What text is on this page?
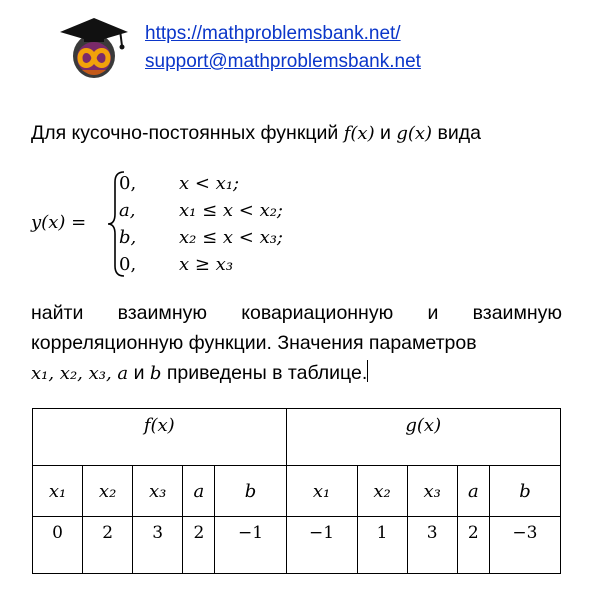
https://mathproblemsbank.net/
support@mathproblemsbank.net
Для кусочно-постоянных функций f(x) и g(x) вида
y(x) =
0, x < x₁;
a, x₁ ≤ x < x₂;
b, x₂ ≤ x < x₃;
0, x ≥ x₃
найти взаимную ковариационную и взаимную корреляционную функции. Значения параметров
x₁, x₂, x₃, a и b приведены в таблице.
f(x)					g(x)				
x₁	x₂	x₃	a	b	x₁	x₂	x₃	a	b
0	2	3	2	−1	−1	1	3	2	−3
